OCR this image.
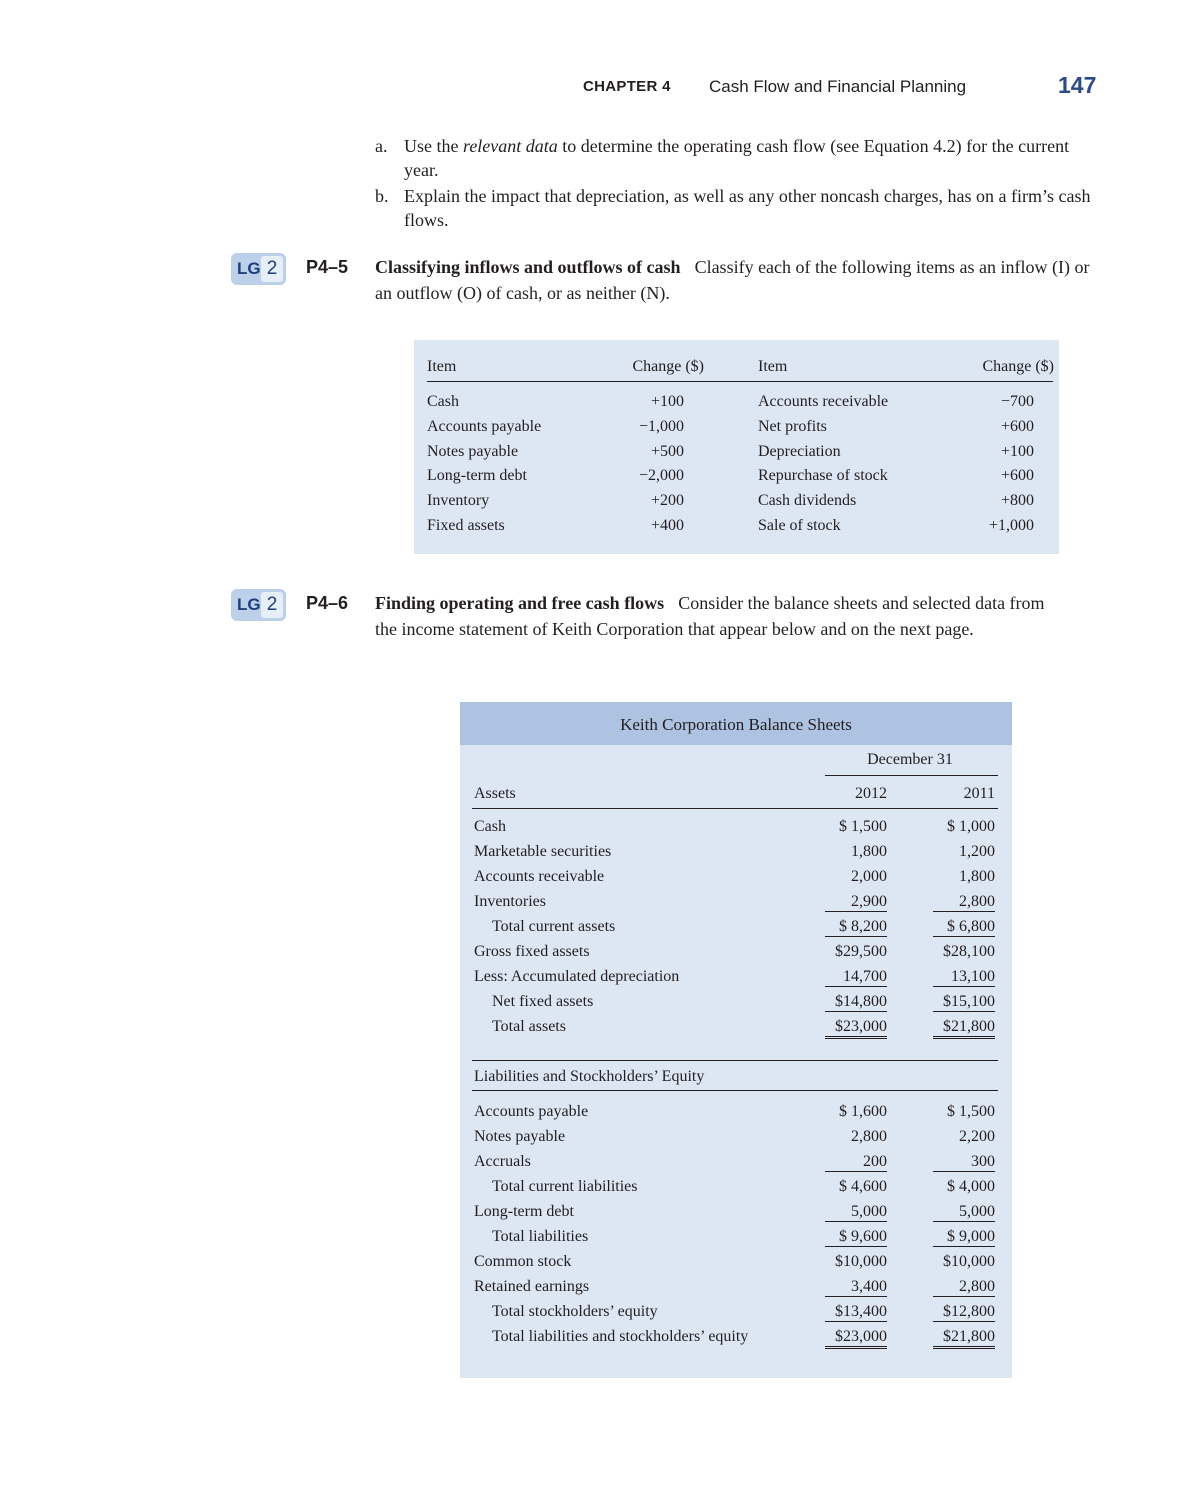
CHAPTER 4 Cash Flow and Financial Planning	147
a. Use the relevant data to determine the operating cash flow (see Equation 4.2) for the current year.
b. Explain the impact that depreciation, as well as any other noncash charges, has on a firm’s cash flows.
LG 2	P4–5 Classifying inflows and outflows of cash Classify each of the following items as an inflow (I) or an outflow (O) of cash, or as neither (N).
Item	Change ($)	Item	Change ($)
Cash	+100	Accounts receivable	−700
Accounts payable	−1,000	Net profits	+600
Notes payable	+500	Depreciation	+100
Long-term debt	−2,000	Repurchase of stock	+600
Inventory	+200	Cash dividends	+800
Fixed assets	+400	Sale of stock	+1,000
LG 2	P4–6 Finding operating and free cash flows Consider the balance sheets and selected data from the income statement of Keith Corporation that appear below and on the next page.
Keith Corporation Balance Sheets
December 31
Assets	2012	2011
Cash	$ 1,500	$ 1,000
Marketable securities	1,800	1,200
Accounts receivable	2,000	1,800
Inventories	2,900	2,800
Total current assets	$ 8,200	$ 6,800
Gross fixed assets	$29,500	$28,100
Less: Accumulated depreciation	14,700	13,100
Net fixed assets	$14,800	$15,100
Total assets	$23,000	$21,800
Liabilities and Stockholders’ Equity
Accounts payable	$ 1,600	$ 1,500
Notes payable	2,800	2,200
Accruals	200	300
Total current liabilities	$ 4,600	$ 4,000
Long-term debt	5,000	5,000
Total liabilities	$ 9,600	$ 9,000
Common stock	$10,000	$10,000
Retained earnings	3,400	2,800
Total stockholders’ equity	$13,400	$12,800
Total liabilities and stockholders’ equity	$23,000	$21,800
